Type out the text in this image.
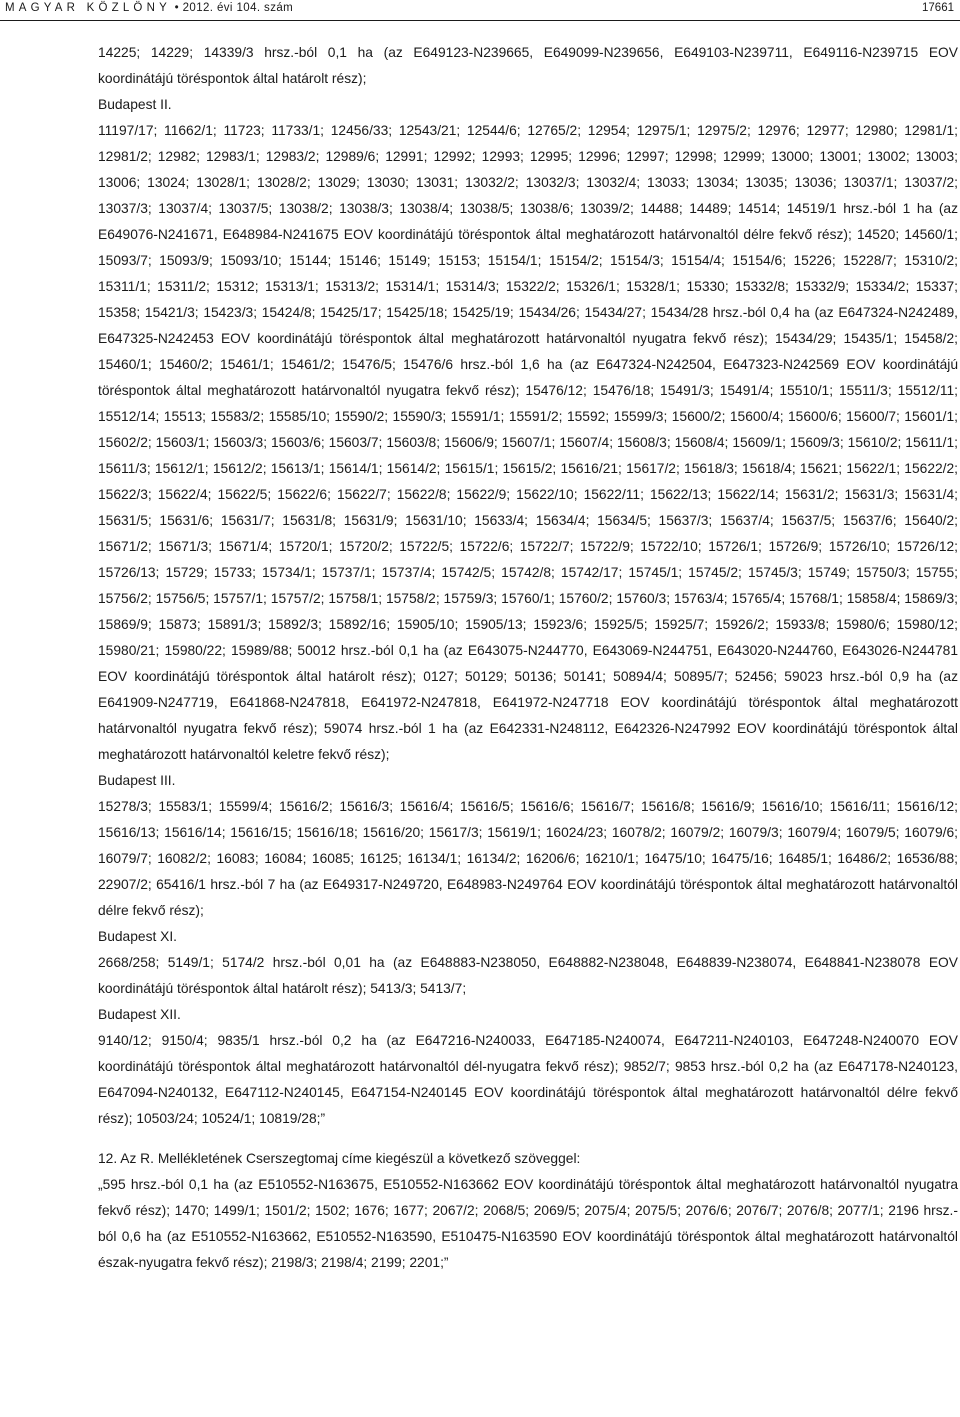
MAGYAR KÖZLÖNY • 2012. évi 104. szám	17661

14225; 14229; 14339/3 hrsz.-ból 0,1 ha (az E649123-N239665, E649099-N239656, E649103-N239711, E649116-N239715 EOV koordinátájú töréspontok által határolt rész);

Budapest II.

11197/17; 11662/1; 11723; 11733/1; 12456/33; 12543/21; 12544/6; 12765/2; 12954; 12975/1; 12975/2; 12976; 12977; 12980; 12981/1; 12981/2; 12982; 12983/1; 12983/2; 12989/6; 12991; 12992; 12993; 12995; 12996; 12997; 12998; 12999; 13000; 13001; 13002; 13003; 13006; 13024; 13028/1; 13028/2; 13029; 13030; 13031; 13032/2; 13032/3; 13032/4; 13033; 13034; 13035; 13036; 13037/1; 13037/2; 13037/3; 13037/4; 13037/5; 13038/2; 13038/3; 13038/4; 13038/5; 13038/6; 13039/2; 14488; 14489; 14514; 14519/1 hrsz.-ból 1 ha (az E649076-N241671, E648984-N241675 EOV koordinátájú töréspontok által meghatározott határvonaltól délre fekvő rész); 14520; 14560/1; 15093/7; 15093/9; 15093/10; 15144; 15146; 15149; 15153; 15154/1; 15154/2; 15154/3; 15154/4; 15154/6; 15226; 15228/7; 15310/2; 15311/1; 15311/2; 15312; 15313/1; 15313/2; 15314/1; 15314/3; 15322/2; 15326/1; 15328/1; 15330; 15332/8; 15332/9; 15334/2; 15337; 15358; 15421/3; 15423/3; 15424/8; 15425/17; 15425/18; 15425/19; 15434/26; 15434/27; 15434/28 hrsz.-ból 0,4 ha (az E647324-N242489, E647325-N242453 EOV koordinátájú töréspontok által meghatározott határvonaltól nyugatra fekvő rész); 15434/29; 15435/1; 15458/2; 15460/1; 15460/2; 15461/1; 15461/2; 15476/5; 15476/6 hrsz.-ból 1,6 ha (az E647324-N242504, E647323-N242569 EOV koordinátájú töréspontok által meghatározott határvonaltól nyugatra fekvő rész); 15476/12; 15476/18; 15491/3; 15491/4; 15510/1; 15511/3; 15512/11; 15512/14; 15513; 15583/2; 15585/10; 15590/2; 15590/3; 15591/1; 15591/2; 15592; 15599/3; 15600/2; 15600/4; 15600/6; 15600/7; 15601/1; 15602/2; 15603/1; 15603/3; 15603/6; 15603/7; 15603/8; 15606/9; 15607/1; 15607/4; 15608/3; 15608/4; 15609/1; 15609/3; 15610/2; 15611/1; 15611/3; 15612/1; 15612/2; 15613/1; 15614/1; 15614/2; 15615/1; 15615/2; 15616/21; 15617/2; 15618/3; 15618/4; 15621; 15622/1; 15622/2; 15622/3; 15622/4; 15622/5; 15622/6; 15622/7; 15622/8; 15622/9; 15622/10; 15622/11; 15622/13; 15622/14; 15631/2; 15631/3; 15631/4; 15631/5; 15631/6; 15631/7; 15631/8; 15631/9; 15631/10; 15633/4; 15634/4; 15634/5; 15637/3; 15637/4; 15637/5; 15637/6; 15640/2; 15671/2; 15671/3; 15671/4; 15720/1; 15720/2; 15722/5; 15722/6; 15722/7; 15722/9; 15722/10; 15726/1; 15726/9; 15726/10; 15726/12; 15726/13; 15729; 15733; 15734/1; 15737/1; 15737/4; 15742/5; 15742/8; 15742/17; 15745/1; 15745/2; 15745/3; 15749; 15750/3; 15755; 15756/2; 15756/5; 15757/1; 15757/2; 15758/1; 15758/2; 15759/3; 15760/1; 15760/2; 15760/3; 15763/4; 15765/4; 15768/1; 15858/4; 15869/3; 15869/9; 15873; 15891/3; 15892/3; 15892/16; 15905/10; 15905/13; 15923/6; 15925/5; 15925/7; 15926/2; 15933/8; 15980/6; 15980/12; 15980/21; 15980/22; 15989/88; 50012 hrsz.-ból 0,1 ha (az E643075-N244770, E643069-N244751, E643020-N244760, E643026-N244781 EOV koordinátájú töréspontok által határolt rész); 0127; 50129; 50136; 50141; 50894/4; 50895/7; 52456; 59023 hrsz.-ból 0,9 ha (az E641909-N247719, E641868-N247818, E641972-N247818, E641972-N247718 EOV koordinátájú töréspontok által meghatározott határvonaltól nyugatra fekvő rész); 59074 hrsz.-ból 1 ha (az E642331-N248112, E642326-N247992 EOV koordinátájú töréspontok által meghatározott határvonaltól keletre fekvő rész);

Budapest III.

15278/3; 15583/1; 15599/4; 15616/2; 15616/3; 15616/4; 15616/5; 15616/6; 15616/7; 15616/8; 15616/9; 15616/10; 15616/11; 15616/12; 15616/13; 15616/14; 15616/15; 15616/18; 15616/20; 15617/3; 15619/1; 16024/23; 16078/2; 16079/2; 16079/3; 16079/4; 16079/5; 16079/6; 16079/7; 16082/2; 16083; 16084; 16085; 16125; 16134/1; 16134/2; 16206/6; 16210/1; 16475/10; 16475/16; 16485/1; 16486/2; 16536/88; 22907/2; 65416/1 hrsz.-ból 7 ha (az E649317-N249720, E648983-N249764 EOV koordinátájú töréspontok által meghatározott határvonaltól délre fekvő rész);

Budapest XI.

2668/258; 5149/1; 5174/2 hrsz.-ból 0,01 ha (az E648883-N238050, E648882-N238048, E648839-N238074, E648841-N238078 EOV koordinátájú töréspontok által határolt rész); 5413/3; 5413/7;

Budapest XII.

9140/12; 9150/4; 9835/1 hrsz.-ból 0,2 ha (az E647216-N240033, E647185-N240074, E647211-N240103, E647248-N240070 EOV koordinátájú töréspontok által meghatározott határvonaltól dél-nyugatra fekvő rész); 9852/7; 9853 hrsz.-ból 0,2 ha (az E647178-N240123, E647094-N240132, E647112-N240145, E647154-N240145 EOV koordinátájú töréspontok által meghatározott határvonaltól délre fekvő rész); 10503/24; 10524/1; 10819/28;”

12. Az R. Mellékletének Cserszegtomaj címe kiegészül a következő szöveggel:

„595 hrsz.-ból 0,1 ha (az E510552-N163675, E510552-N163662 EOV koordinátájú töréspontok által meghatározott határvonaltól nyugatra fekvő rész); 1470; 1499/1; 1501/2; 1502; 1676; 1677; 2067/2; 2068/5; 2069/5; 2075/4; 2075/5; 2076/6; 2076/7; 2076/8; 2077/1; 2196 hrsz.-ból 0,6 ha (az E510552-N163662, E510552-N163590, E510475-N163590 EOV koordinátájú töréspontok által meghatározott határvonaltól észak-nyugatra fekvő rész); 2198/3; 2198/4; 2199; 2201;”
